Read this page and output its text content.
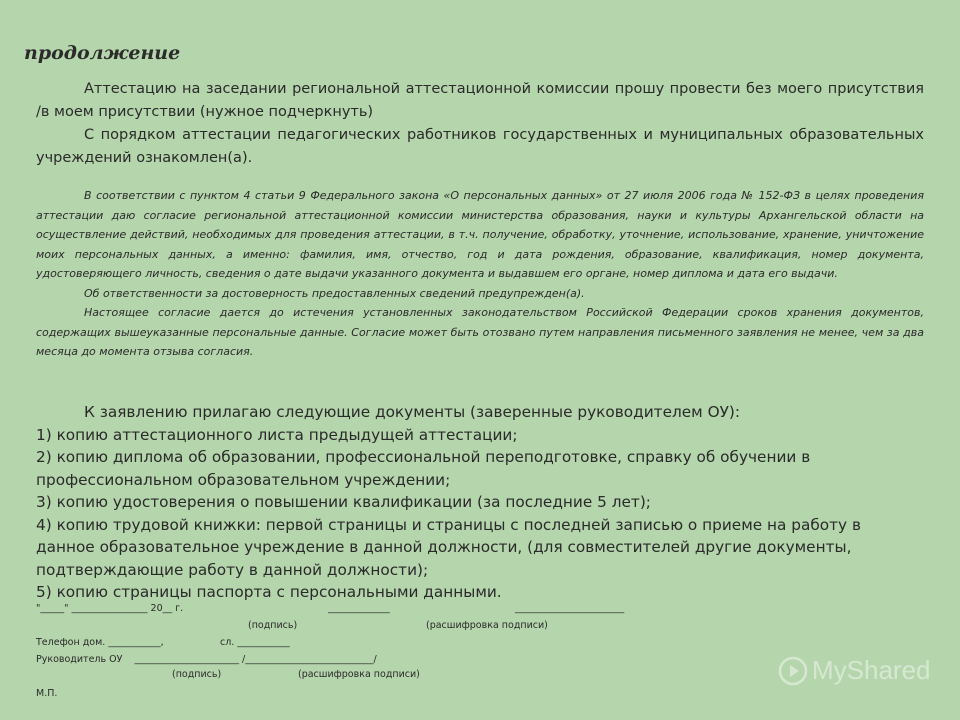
продолжение

Аттестацию на заседании региональной аттестационной комиссии прошу провести без моего присутствия /в моем присутствии (нужное подчеркнуть)

С порядком аттестации педагогических работников государственных и муниципальных образовательных учреждений ознакомлен(а).

В соответствии с пунктом 4 статьи 9 Федерального закона «О персональных данных» от 27 июля 2006 года № 152-ФЗ в целях проведения аттестации даю согласие региональной аттестационной комиссии министерства образования, науки и культуры Архангельской области на осуществление действий, необходимых для проведения аттестации, в т.ч. получение, обработку, уточнение, использование, хранение, уничтожение моих персональных данных, а именно: фамилия, имя, отчество, год и дата рождения, образование, квалификация, номер документа, удостоверяющего личность, сведения о дате выдачи указанного документа и выдавшем его органе, номер диплома и дата его выдачи.

Об ответственности за достоверность предоставленных сведений предупрежден(а).

Настоящее согласие дается до истечения установленных законодательством Российской Федерации сроков хранения документов, содержащих вышеуказанные персональные данные. Согласие может быть отозвано путем направления письменного заявления не менее, чем за два месяца до момента отзыва согласия.

К заявлению прилагаю следующие документы (заверенные руководителем ОУ):

1) копию аттестационного листа предыдущей аттестации;

2) копию диплома об образовании, профессиональной переподготовке, справку об обучении в профессиональном образовательном учреждении;

3) копию удостоверения о повышении квалификации (за последние 5 лет);

4) копию трудовой книжки: первой страницы и страницы с последней записью о приеме на работу в данное образовательное учреждение в данной должности, (для совместителей другие документы, подтверждающие работу в данной должности);

5) копию страницы паспорта с персональными данными.

"_____" ________________ 20__ г.	_____________	_______________________
(подпись)	(расшифровка подписи)
Телефон дом. ___________,	сл. ___________
Руководитель ОУ    ______________________ /___________________________/
(подпись)	(расшифровка подписи)
М.П.
MyShared
